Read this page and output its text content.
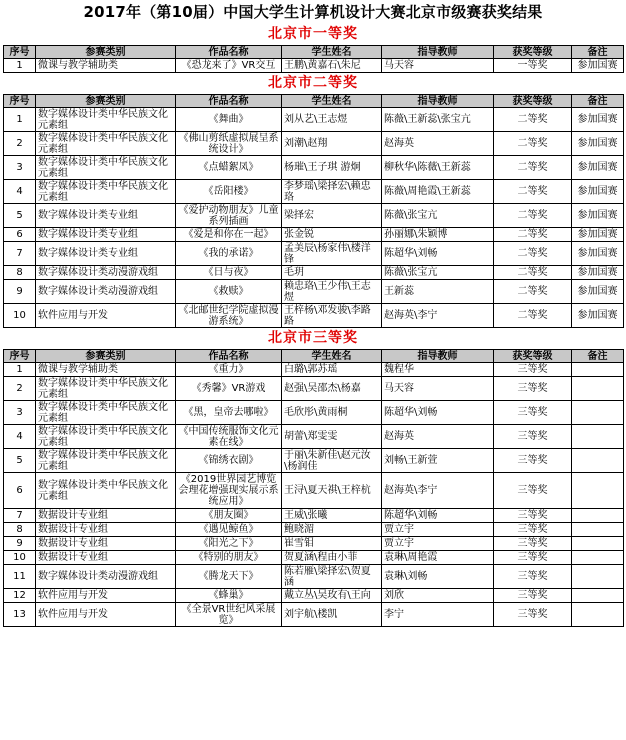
2017年（第10届）中国大学生计算机设计大赛北京市级赛获奖结果
北京市一等奖
序号	参赛类别	作品名称	学生姓名	指导教师	获奖等级	备注
1	微课与教学辅助类	《恐龙来了》VR交互	王鹏\黄嘉石\朱尼	马天容	一等奖	参加国赛
北京市二等奖
序号	参赛类别	作品名称	学生姓名	指导教师	获奖等级	备注
1	数字媒体设计类中华民族文化元素组	《舞曲》	刘从艺\王志煜	陈薇\王新蕊\张宝亢	二等奖	参加国赛
2	数字媒体设计类中华民族文化元素组	《佛山剪纸虚拟展呈系统设计》	刘潮\赵翔	赵海英	二等奖	参加国赛
3	数字媒体设计类中华民族文化元素组	《点蜡絮凤》	杨璀\王子琪 游炯	柳秋华\陈薇\王新蕊	二等奖	参加国赛
4	数字媒体设计类中华民族文化元素组	《岳阳楼》	李梦瑶\梁择宏\赖忠珞	陈薇\周艳霞\王新蕊	二等奖	参加国赛
5	数字媒体设计类专业组	《爱护动物朋友》儿童系列插画	梁择宏	陈薇\张宝亢	二等奖	参加国赛
6	数字媒体设计类专业组	《爱是和你在一起》	张金锐	孙丽娜\朱颖博	二等奖	参加国赛
7	数字媒体设计类专业组	《我的承诺》	孟美辰\杨家伟\楼洋锋	陈超华\刘畅	二等奖	参加国赛
8	数字媒体设计类动漫游戏组	《日与夜》	毛玥	陈薇\张宝亢	二等奖	参加国赛
9	数字媒体设计类动漫游戏组	《救赎》	赖忠珞\王少伟\王志煜	王新蕊	二等奖	参加国赛
10	软件应用与开发	《北邮世纪学院虚拟漫游系统》	王梓杨\邓发骏\李路路	赵海英\李宁	二等奖	参加国赛
北京市三等奖
序号	参赛类别	作品名称	学生姓名	指导教师	获奖等级	备注
1	微课与教学辅助类	《重力》	白璐\郭苏瑶	魏程华	三等奖	
2	数字媒体设计类中华民族文化元素组	《秀馨》VR游戏	赵强\吴邵杰\杨嘉	马天容	三等奖	
3	数字媒体设计类中华民族文化元素组	《黑，皇帝去哪啦》	毛欣彤\黄雨桐	陈超华\刘畅	三等奖	
4	数字媒体设计类中华民族文化元素组	《中国传统服饰文化元素在线》	胡蕾\郑雯雯	赵海英	三等奖	
5	数字媒体设计类中华民族文化元素组	《锦绣衣剧》	于丽\朱新佳\赵元汝\杨润佳	刘畅\王新萱	三等奖	
6	数字媒体设计类中华民族文化元素组	《2019世界园艺博览会理花增强现实展示系统应用》	王浔\夏天祺\王梓杭	赵海英\李宁	三等奖	
7	数据设计专业组	《朋友圈》	王威\张曦	陈超华\刘畅	三等奖	
8	数据设计专业组	《遇见鲸鱼》	鲍晓湄	贾立宇	三等奖	
9	数据设计专业组	《阳光之下》	崔雪钼	贾立宇	三等奖	
10	数据设计专业组	《特别的朋友》	贺夏涵\程由小菲	袁琳\周艳霞	三等奖	
11	数字媒体设计类动漫游戏组	《腾龙天下》	陈若雁\梁择宏\贺夏涵	袁琳\刘畅	三等奖	
12	软件应用与开发	《蜂巢》	戴立丛\吴玫有\王向	刘欣	三等奖	
13	软件应用与开发	《全景VR世纪风采展览》	刘宇航\楼凯	李宁	三等奖	
